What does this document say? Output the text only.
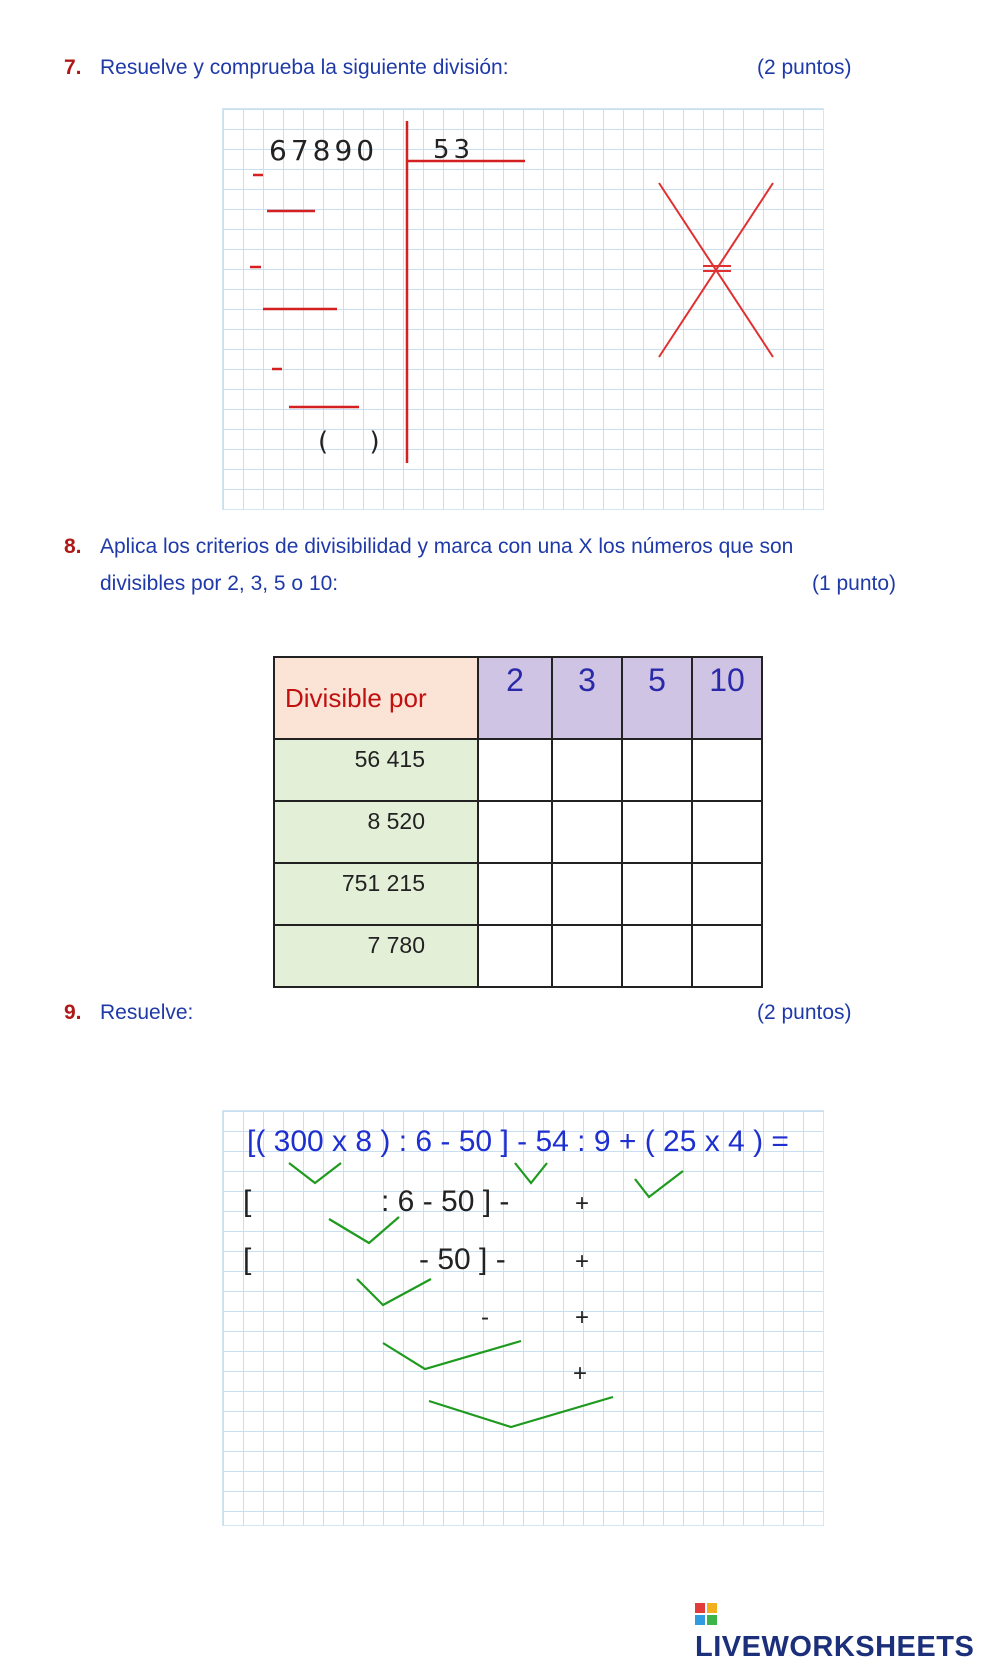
7. Resuelve y comprueba la siguiente división:	(2 puntos)
67890 53
(     )
8. Aplica los criterios de divisibilidad y marca con una X los números que son
divisibles por 2, 3, 5 o 10:	(1 punto)
Divisible por	2	3	5	10
56 415				
8 520				
751 215				
7 780				
9. Resuelve:	(2 puntos)
[( 300 x 8 ) : 6 - 50 ] - 54 : 9 + ( 25 x 4 ) =
[	: 6 - 50 ] -	+
[	- 50 ] -	+
-	+
+
LIVEWORKSHEETS
